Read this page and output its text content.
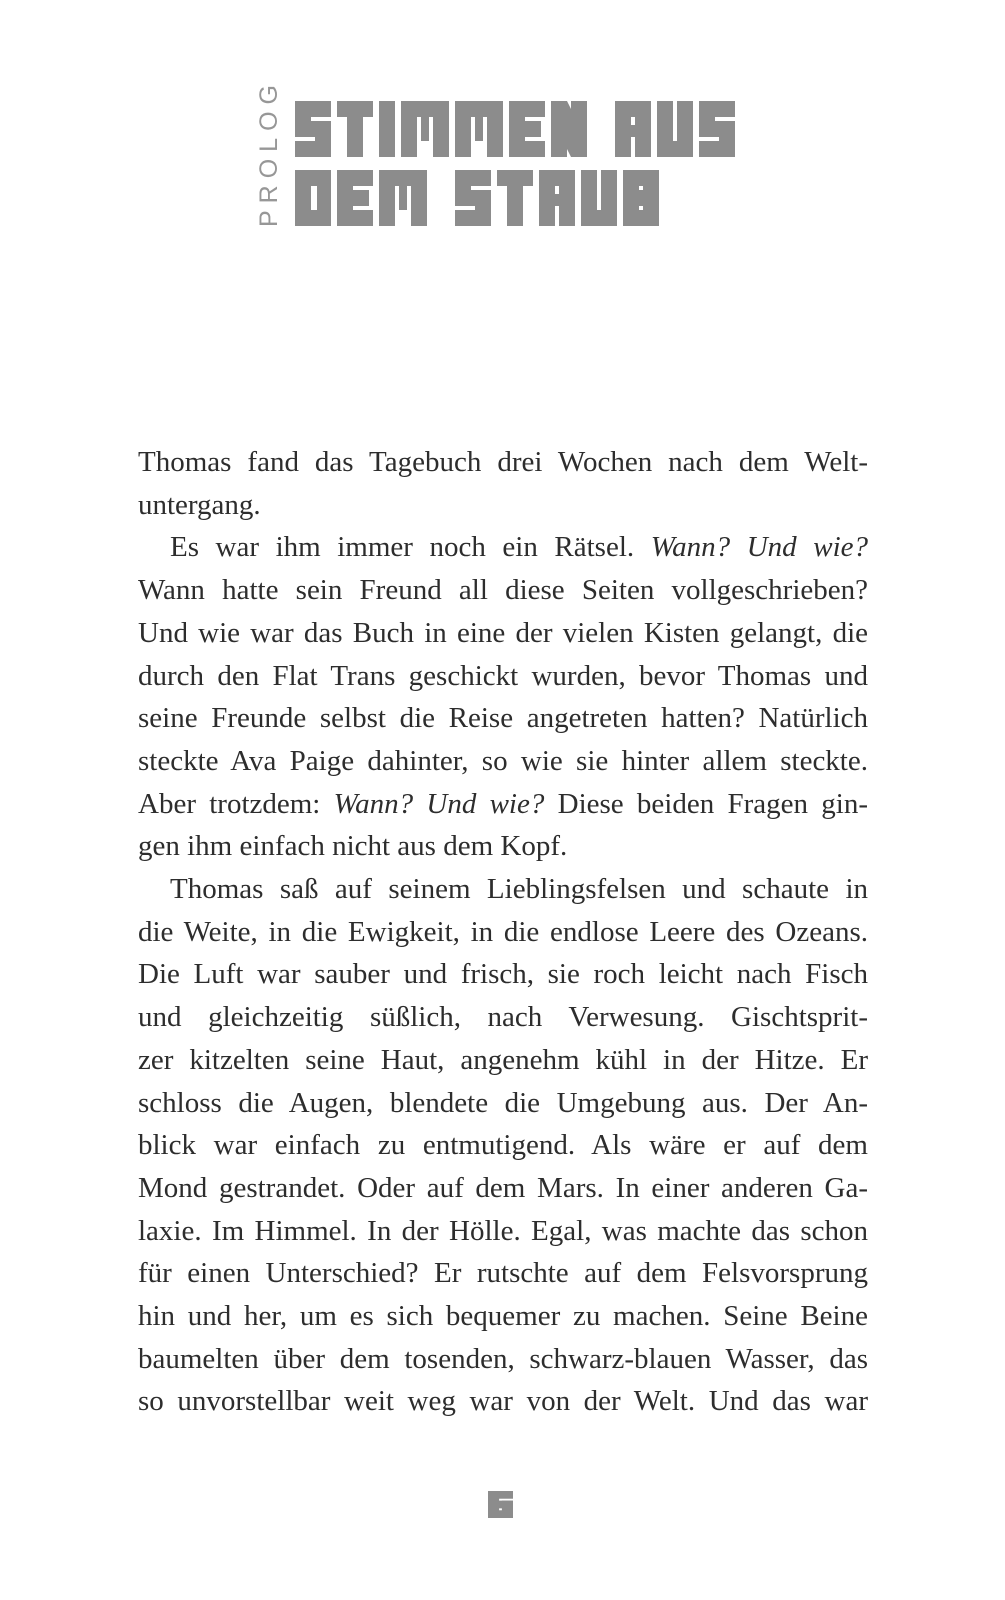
PROLOG
Thomas fand das Tagebuch drei Wochen nach dem Welt-
untergang.
Es war ihm immer noch ein Rätsel. Wann? Und wie?
Wann hatte sein Freund all diese Seiten vollgeschrieben?
Und wie war das Buch in eine der vielen Kisten gelangt, die
durch den Flat Trans geschickt wurden, bevor Thomas und
seine Freunde selbst die Reise angetreten hatten? Natürlich
steckte Ava Paige dahinter, so wie sie hinter allem steckte.
Aber trotzdem: Wann? Und wie? Diese beiden Fragen gin-
gen ihm einfach nicht aus dem Kopf.
Thomas saß auf seinem Lieblingsfelsen und schaute in
die Weite, in die Ewigkeit, in die endlose Leere des Ozeans.
Die Luft war sauber und frisch, sie roch leicht nach Fisch
und gleichzeitig süßlich, nach Verwesung. Gischtsprit-
zer kitzelten seine Haut, angenehm kühl in der Hitze. Er
schloss die Augen, blendete die Umgebung aus. Der An-
blick war einfach zu entmutigend. Als wäre er auf dem
Mond gestrandet. Oder auf dem Mars. In einer anderen Ga-
laxie. Im Himmel. In der Hölle. Egal, was machte das schon
für einen Unterschied? Er rutschte auf dem Felsvorsprung
hin und her, um es sich bequemer zu machen. Seine Beine
baumelten über dem tosenden, schwarz-blauen Wasser, das
so unvorstellbar weit weg war von der Welt. Und das war
